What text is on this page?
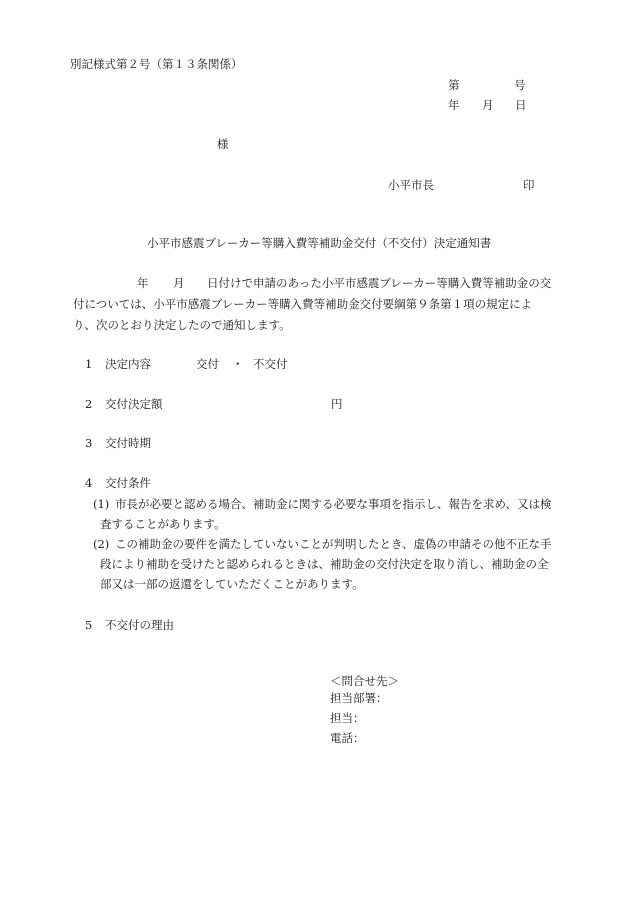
別記様式第２号（第１３条関係）
第	号
年 月 日
様
小平市長	印
小平市感震ブレーカー等購入費等補助金交付（不交付）決定通知書
年 月 日付けで申請のあった小平市感震ブレーカー等購入費等補助金の交
付については、小平市感震ブレーカー等購入費等補助金交付要綱第９条第１項の規定によ
り、次のとおり決定したので通知します。
1 決定内容	交付 ・ 不交付
2 交付決定額	円
3 交付時期
4 交付条件
(1) 市長が必要と認める場合、補助金に関する必要な事項を指示し、報告を求め、又は検
査することがあります。
(2) この補助金の要件を満たしていないことが判明したとき、虚偽の申請その他不正な手
段により補助を受けたと認められるときは、補助金の交付決定を取り消し、補助金の全
部又は一部の返還をしていただくことがあります。
5 不交付の理由
＜問合せ先＞
担当部署：
担当：
電話：
